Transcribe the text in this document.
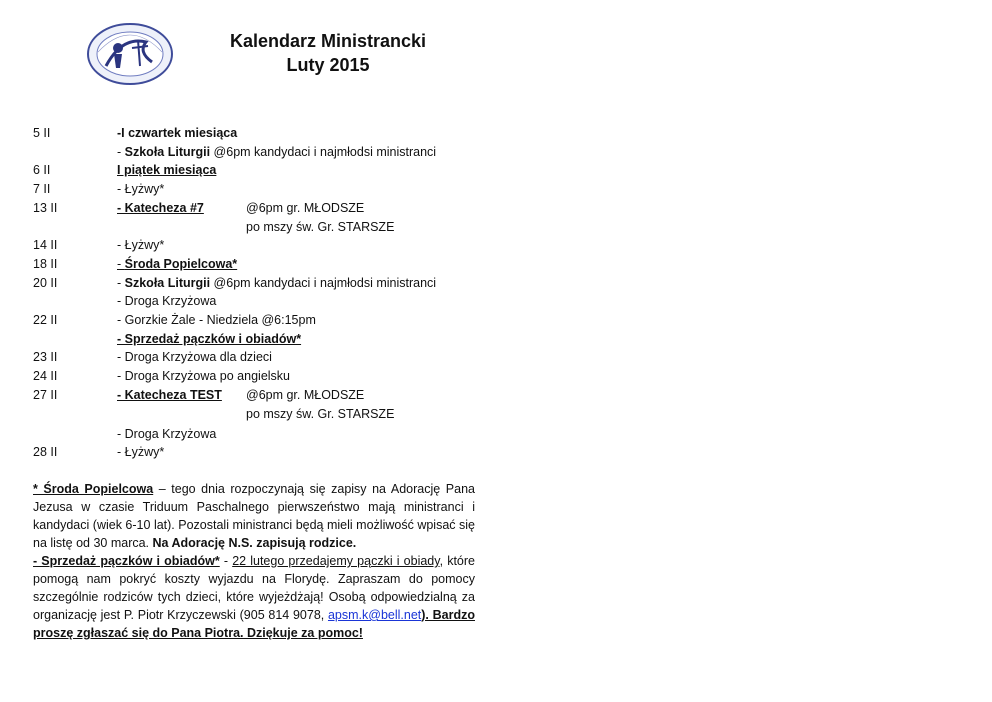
Kalendarz Ministrancki
Luty 2015
5 II	-I czwartek miesiąca
- Szkoła Liturgii @6pm kandydaci i najmłodsi ministranci
6 II	I piątek miesiąca
7 II	- Łyżwy*
13 II	- Katecheza #7	@6pm gr. MŁODSZE
po mszy św. Gr. STARSZE
14 II	- Łyżwy*
18 II	- Środa Popielcowa*
20 II	- Szkoła Liturgii @6pm kandydaci i najmłodsi ministranci
- Droga Krzyżowa
22 II	- Gorzkie Żale - Niedziela @6:15pm
- Sprzedaż pączków i obiadów*
23 II	- Droga Krzyżowa dla dzieci
24 II	- Droga Krzyżowa po angielsku
27 II	- Katecheza TEST @6pm gr. MŁODSZE
po mszy św. Gr. STARSZE
- Droga Krzyżowa
28 II	- Łyżwy*

* Środa Popielcowa – tego dnia rozpoczynają się zapisy na Adorację Pana Jezusa w czasie Triduum Paschalnego pierwszeństwo mają ministranci i kandydaci (wiek 6-10 lat). Pozostali ministranci będą mieli możliwość wpisać się na listę od 30 marca. Na Adorację N.S. zapisują rodzice.

- Sprzedaż pączków i obiadów* - 22 lutego przedajemy pączki i obiady, które pomogą nam pokryć koszty wyjazdu na Florydę. Zapraszam do pomocy szczególnie rodziców tych dzieci, które wyjeżdżają! Osobą odpowiedzialną za organizację jest P. Piotr Krzyczewski (905 814 9078, apsm.k@bell.net). Bardzo proszę zgłaszać się do Pana Piotra. Dziękuje za pomoc!
